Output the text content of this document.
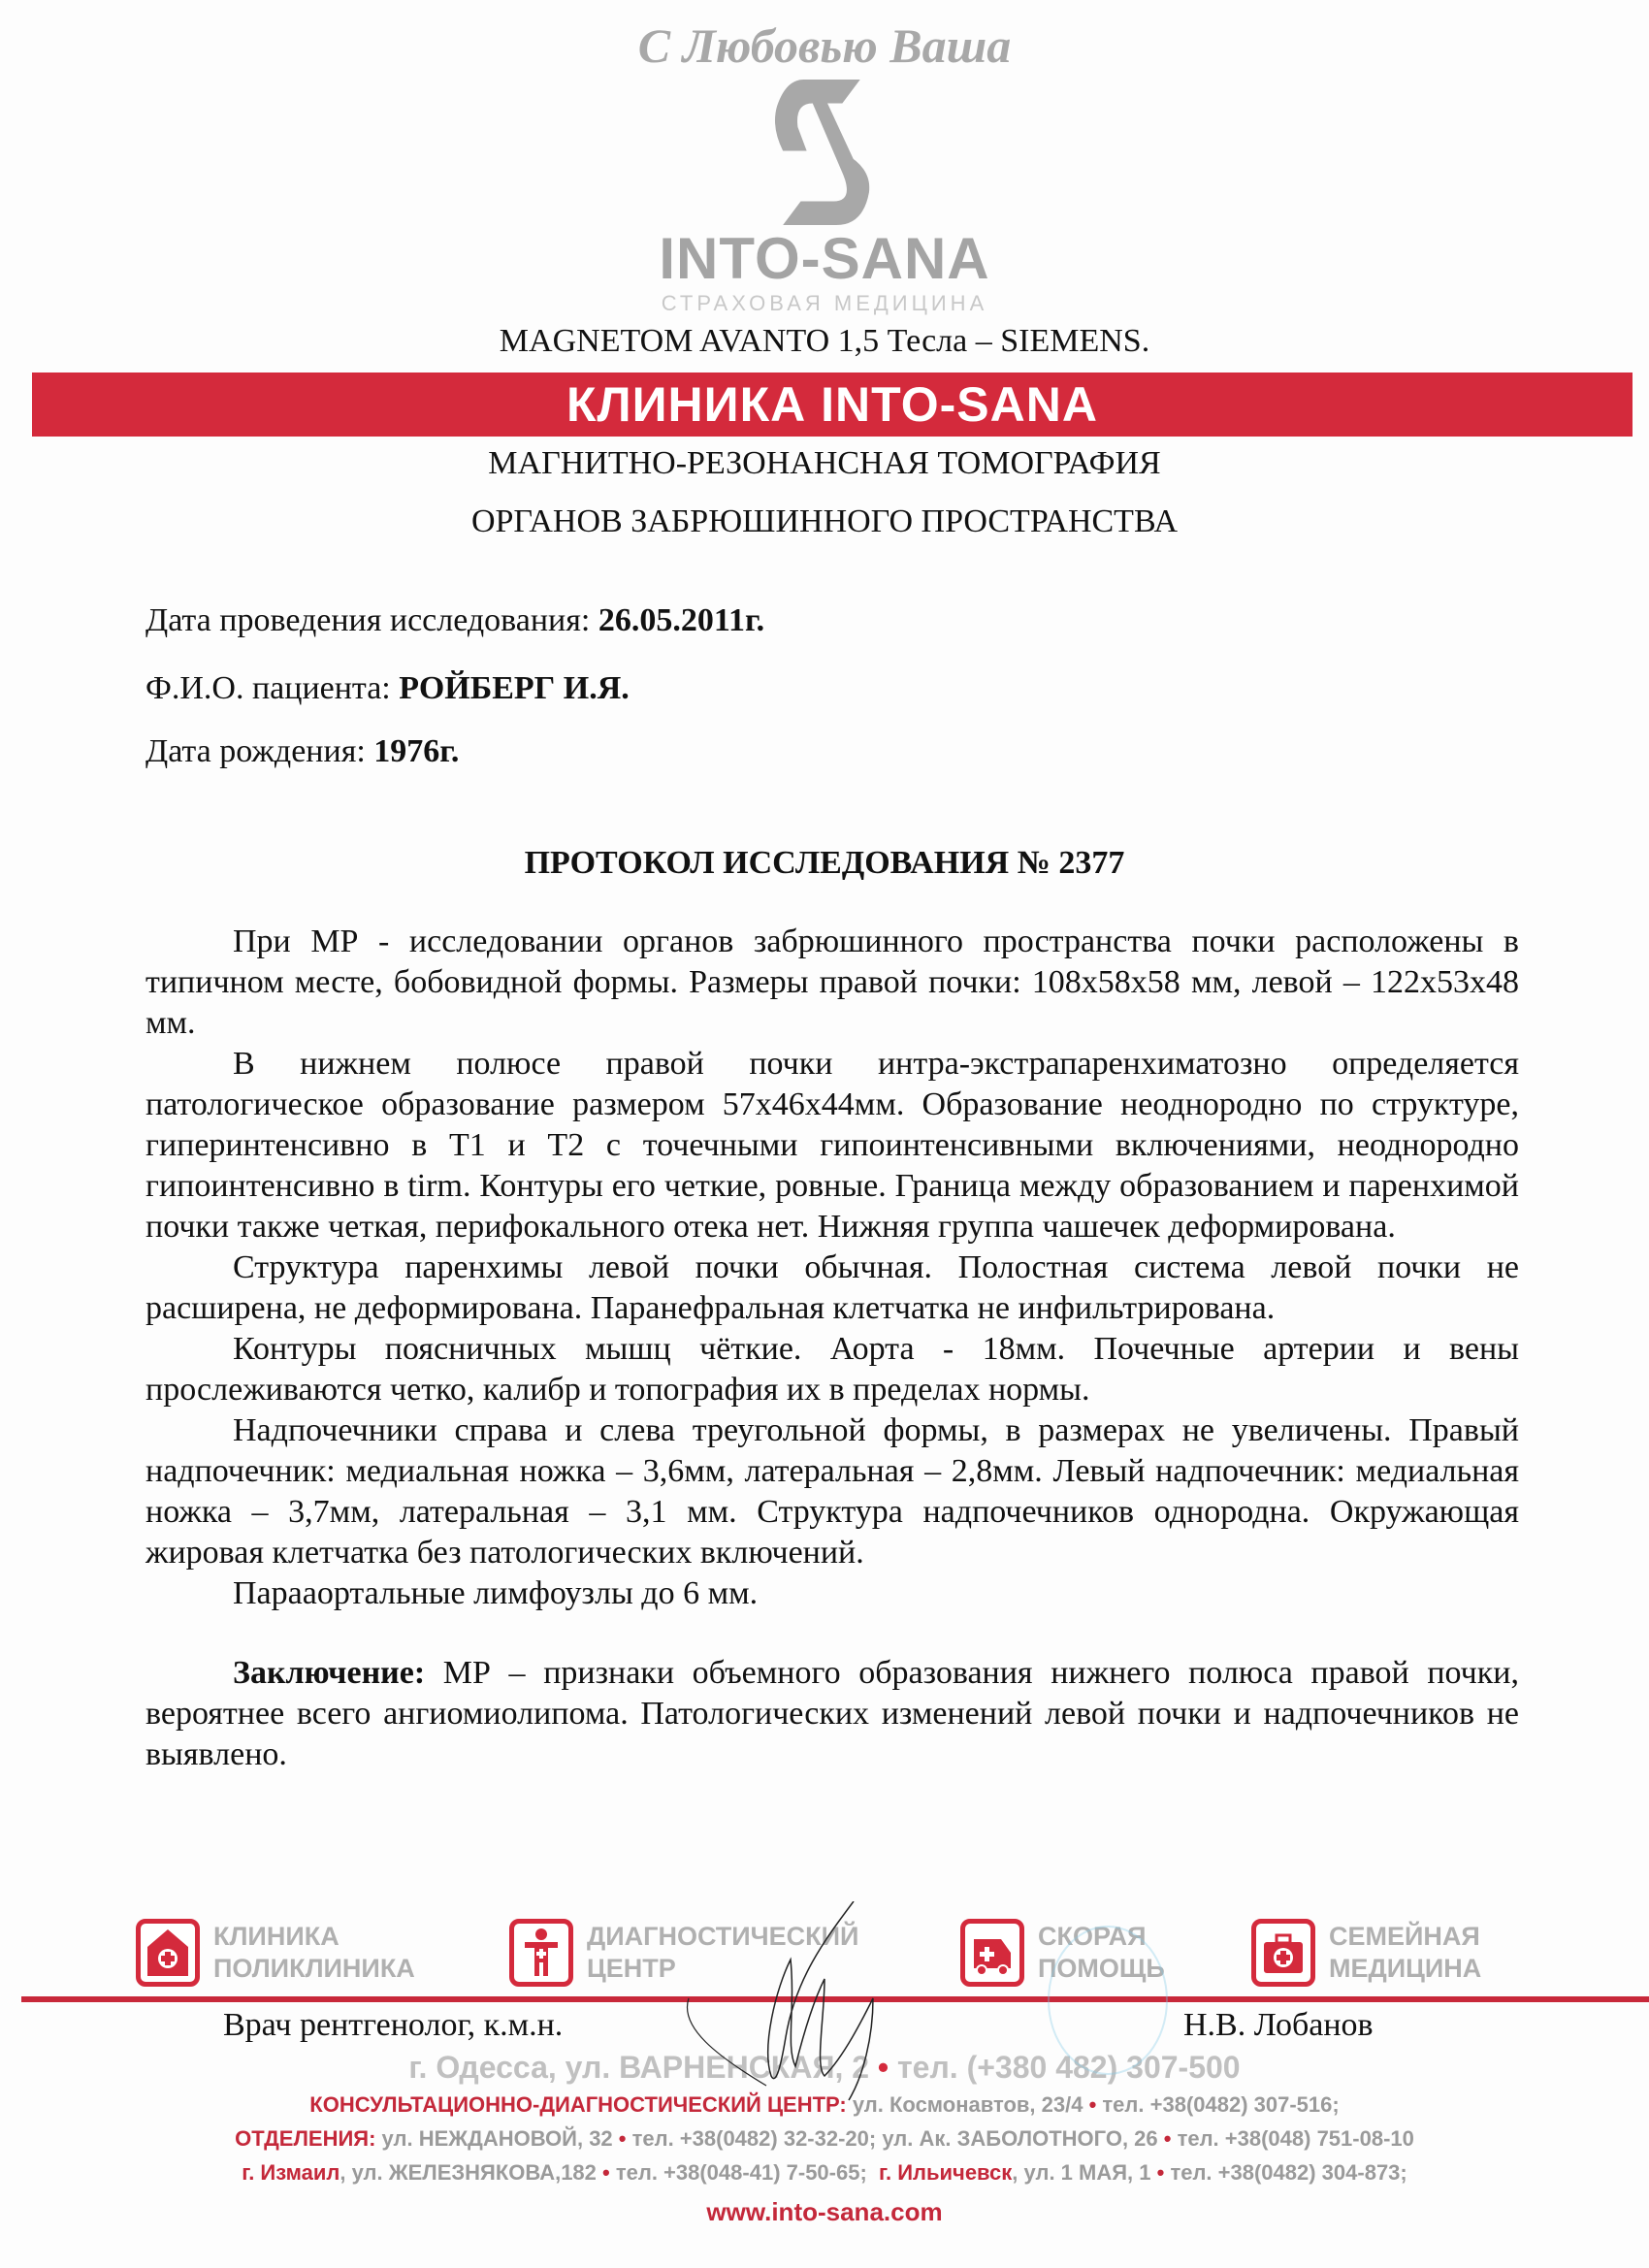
С Любовью Ваша
INTO-SANA
СТРАХОВАЯ МЕДИЦИНА
MAGNETOM AVANTO 1,5 Тесла – SIEMENS.
КЛИНИКА INTO-SANA
МАГНИТНО-РЕЗОНАНСНАЯ ТОМОГРАФИЯ
ОРГАНОВ ЗАБРЮШИННОГО ПРОСТРАНСТВА
Дата проведения исследования: 26.05.2011г.
Ф.И.О. пациента: РОЙБЕРГ И.Я.
Дата рождения: 1976г.
ПРОТОКОЛ ИССЛЕДОВАНИЯ № 2377

При МР - исследовании органов забрюшинного пространства почки расположены в типичном месте, бобовидной формы. Размеры правой почки: 108х58х58 мм, левой – 122х53х48 мм.

В нижнем полюсе правой почки интра-экстрапаренхиматозно определяется патологическое образование размером 57х46х44мм. Образование неоднородно по структуре, гиперинтенсивно в Т1 и Т2 с точечными гипоинтенсивными включениями, неоднородно гипоинтенсивно в tirm. Контуры его четкие, ровные. Граница между образованием и паренхимой почки также четкая, перифокального отека нет. Нижняя группа чашечек деформирована.

Структура паренхимы левой почки обычная. Полостная система левой почки не расширена, не деформирована. Паранефральная клетчатка не инфильтрирована.

Контуры поясничных мышц чёткие. Аорта - 18мм. Почечные артерии и вены прослеживаются четко, калибр и топография их в пределах нормы.

Надпочечники справа и слева треугольной формы, в размерах не увеличены. Правый надпочечник: медиальная ножка – 3,6мм, латеральная – 2,8мм. Левый надпочечник: медиальная ножка – 3,7мм, латеральная – 3,1 мм. Структура надпочечников однородна. Окружающая жировая клетчатка без патологических включений.

Парааортальные лимфоузлы до 6 мм.

Заключение: МР – признаки объемного образования нижнего полюса правой почки, вероятнее всего ангиомиолипома. Патологических изменений левой почки и надпочечников не выявлено.

КЛИНИКА
ПОЛИКЛИНИКА
ДИАГНОСТИЧЕСКИЙ
ЦЕНТР
СКОРАЯ
ПОМОЩЬ
СЕМЕЙНАЯ
МЕДИЦИНА
Врач рентгенолог, к.м.н.	Н.В. Лобанов
г. Одесса, ул. ВАРНЕНСКАЯ, 2 • тел. (+380 482) 307-500
КОНСУЛЬТАЦИОННО-ДИАГНОСТИЧЕСКИЙ ЦЕНТР: ул. Космонавтов, 23/4 • тел. +38(0482) 307-516;
ОТДЕЛЕНИЯ: ул. НЕЖДАНОВОЙ, 32 • тел. +38(0482) 32-32-20; ул. Ак. ЗАБОЛОТНОГО, 26 • тел. +38(048) 751-08-10
г. Измаил, ул. ЖЕЛЕЗНЯКОВА,182 • тел. +38(048-41) 7-50-65; г. Ильичевск, ул. 1 МАЯ, 1 • тел. +38(0482) 304-873;
www.into-sana.com
